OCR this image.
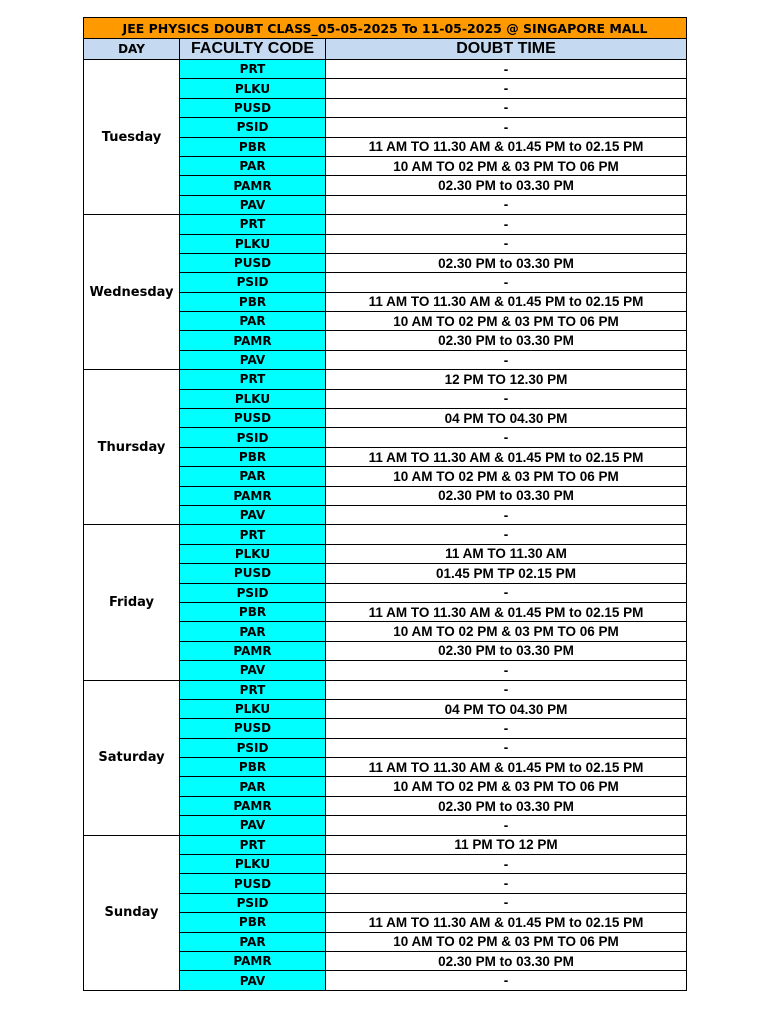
JEE PHYSICS DOUBT CLASS_05-05-2025 To 11-05-2025 @ SINGAPORE MALL		
DAY	FACULTY CODE	DOUBT TIME
Tuesday	PRT	-
	PLKU	-
	PUSD	-
	PSID	-
	PBR	11 AM TO 11.30 AM & 01.45 PM to 02.15 PM
	PAR	10 AM TO 02 PM & 03 PM TO 06 PM
	PAMR	02.30 PM to 03.30 PM
	PAV	-
Wednesday	PRT	-
	PLKU	-
	PUSD	02.30 PM to 03.30 PM
	PSID	-
	PBR	11 AM TO 11.30 AM & 01.45 PM to 02.15 PM
	PAR	10 AM TO 02 PM & 03 PM TO 06 PM
	PAMR	02.30 PM to 03.30 PM
	PAV	-
Thursday	PRT	12 PM TO 12.30 PM
	PLKU	-
	PUSD	04 PM TO 04.30 PM
	PSID	-
	PBR	11 AM TO 11.30 AM & 01.45 PM to 02.15 PM
	PAR	10 AM TO 02 PM & 03 PM TO 06 PM
	PAMR	02.30 PM to 03.30 PM
	PAV	-
Friday	PRT	-
	PLKU	11 AM TO 11.30 AM
	PUSD	01.45 PM TP 02.15 PM
	PSID	-
	PBR	11 AM TO 11.30 AM & 01.45 PM to 02.15 PM
	PAR	10 AM TO 02 PM & 03 PM TO 06 PM
	PAMR	02.30 PM to 03.30 PM
	PAV	-
Saturday	PRT	-
	PLKU	04 PM TO 04.30 PM
	PUSD	-
	PSID	-
	PBR	11 AM TO 11.30 AM & 01.45 PM to 02.15 PM
	PAR	10 AM TO 02 PM & 03 PM TO 06 PM
	PAMR	02.30 PM to 03.30 PM
	PAV	-
Sunday	PRT	11 PM TO 12 PM
	PLKU	-
	PUSD	-
	PSID	-
	PBR	11 AM TO 11.30 AM & 01.45 PM to 02.15 PM
	PAR	10 AM TO 02 PM & 03 PM TO 06 PM
	PAMR	02.30 PM to 03.30 PM
	PAV	-
